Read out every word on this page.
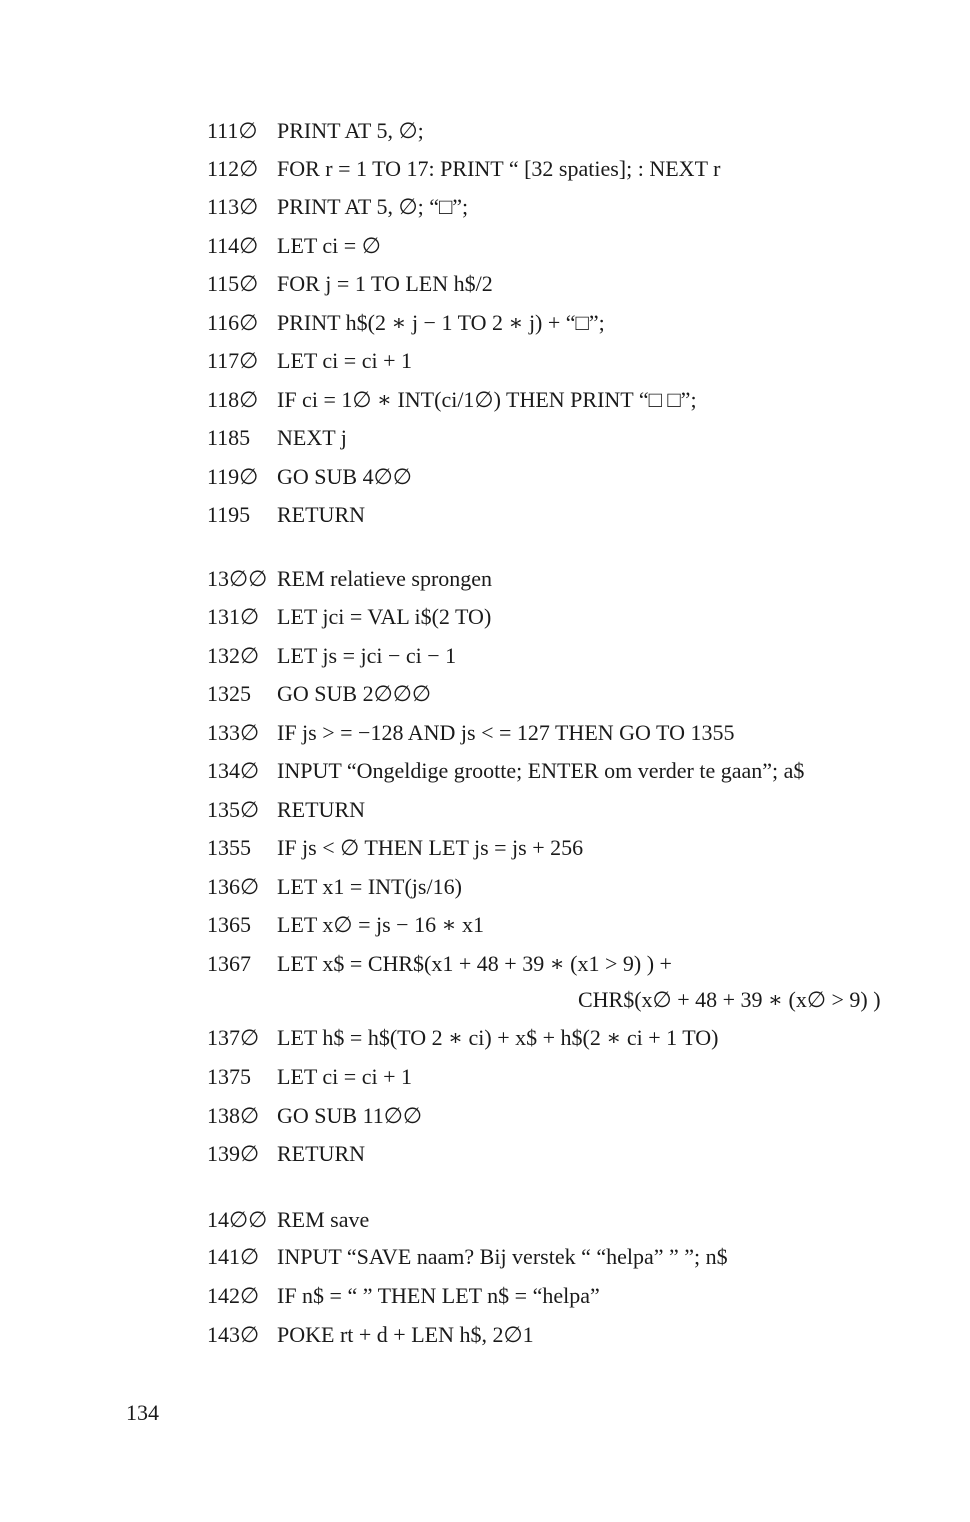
111∅ PRINT AT 5, ∅;
112∅ FOR r = 1 TO 17: PRINT “ [32 spaties]; : NEXT r
113∅ PRINT AT 5, ∅; “□”;
114∅ LET ci = ∅
115∅ FOR j = 1 TO LEN h$/2
116∅ PRINT h$(2 ∗ j − 1 TO 2 ∗ j) + “□”;
117∅ LET ci = ci + 1
118∅ IF ci = 1∅ ∗ INT(ci/1∅) THEN PRINT “□ □”;
1185 NEXT j
119∅ GO SUB 4∅∅
1195 RETURN
13∅∅ REM relatieve sprongen
131∅ LET jci = VAL i$(2 TO)
132∅ LET js = jci − ci − 1
1325 GO SUB 2∅∅∅
133∅ IF js > = −128 AND js < = 127 THEN GO TO 1355
134∅ INPUT “Ongeldige grootte; ENTER om verder te gaan”; a$
135∅ RETURN
1355 IF js < ∅ THEN LET js = js + 256
136∅ LET x1 = INT(js/16)
1365 LET x∅ = js − 16 ∗ x1
1367 LET x$ = CHR$(x1 + 48 + 39 ∗ (x1 > 9) ) +
CHR$(x∅ + 48 + 39 ∗ (x∅ > 9) )
137∅ LET h$ = h$(TO 2 ∗ ci) + x$ + h$(2 ∗ ci + 1 TO)
1375 LET ci = ci + 1
138∅ GO SUB 11∅∅
139∅ RETURN
14∅∅ REM save
141∅ INPUT “SAVE naam? Bij verstek “ “helpa” ” ”; n$
142∅ IF n$ = “ ” THEN LET n$ = “helpa”
143∅ POKE rt + d + LEN h$, 2∅1
134
